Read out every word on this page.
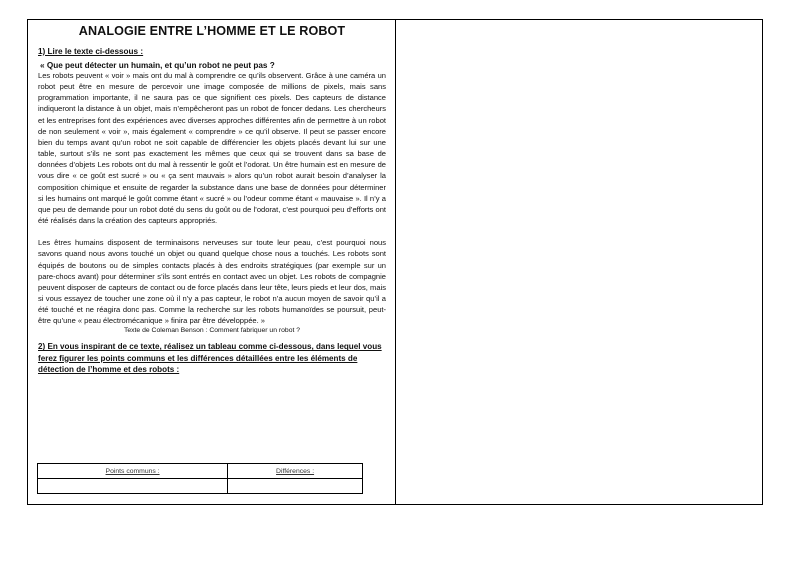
ANALOGIE ENTRE L’HOMME ET LE ROBOT
1) Lire le texte ci-dessous :
« Que peut détecter un humain, et qu’un robot ne peut pas ?

Les robots peuvent « voir » mais ont du mal à comprendre ce qu’ils observent. Grâce à une caméra un robot peut être en mesure de percevoir une image composée de millions de pixels, mais sans programmation importante, il ne saura pas ce que signifient ces pixels. Des capteurs de distance indiqueront la distance à un objet, mais n’empêcheront pas un robot de foncer dedans. Les chercheurs et les entreprises font des expériences avec diverses approches différentes afin de permettre à un robot de non seulement « voir », mais également « comprendre » ce qu’il observe. Il peut se passer encore bien du temps avant qu’un robot ne soit capable de différencier les objets placés devant lui sur une table, surtout s’ils ne sont pas exactement les mêmes que ceux qui se trouvent dans sa base de données d’objets Les robots ont du mal à ressentir le goût et l’odorat. Un être humain est en mesure de vous dire « ce goût est sucré » ou « ça sent mauvais » alors qu’un robot aurait besoin d’analyser la composition chimique et ensuite de regarder la substance dans une base de données pour déterminer si les humains ont marqué le goût comme étant « sucré » ou l’odeur comme étant « mauvaise ». Il n’y a que peu de demande pour un robot doté du sens du goût ou de l’odorat, c’est pourquoi peu d’efforts ont été réalisés dans la création des capteurs appropriés.

Les êtres humains disposent de terminaisons nerveuses sur toute leur peau, c’est pourquoi nous savons quand nous avons touché un objet ou quand quelque chose nous a touchés. Les robots sont équipés de boutons ou de simples contacts placés à des endroits stratégiques (par exemple sur un pare-chocs avant) pour déterminer s’ils sont entrés en contact avec un objet. Les robots de compagnie peuvent disposer de capteurs de contact ou de force placés dans leur tête, leurs pieds et leur dos, mais si vous essayez de toucher une zone où il n’y a pas capteur, le robot n’a aucun moyen de savoir qu’il a été touché et ne réagira donc pas. Comme la recherche sur les robots humanoïdes se poursuit, peut-être qu’une « peau électromécanique » finira par être développée. »

Texte de Coleman Benson : Comment fabriquer un robot ?
2) En vous inspirant de ce texte, réalisez un tableau comme ci-dessous, dans lequel vous ferez figurer les points communs et les différences détaillées entre les éléments de détection de l’homme et des robots :
Points communs :	Différences :
